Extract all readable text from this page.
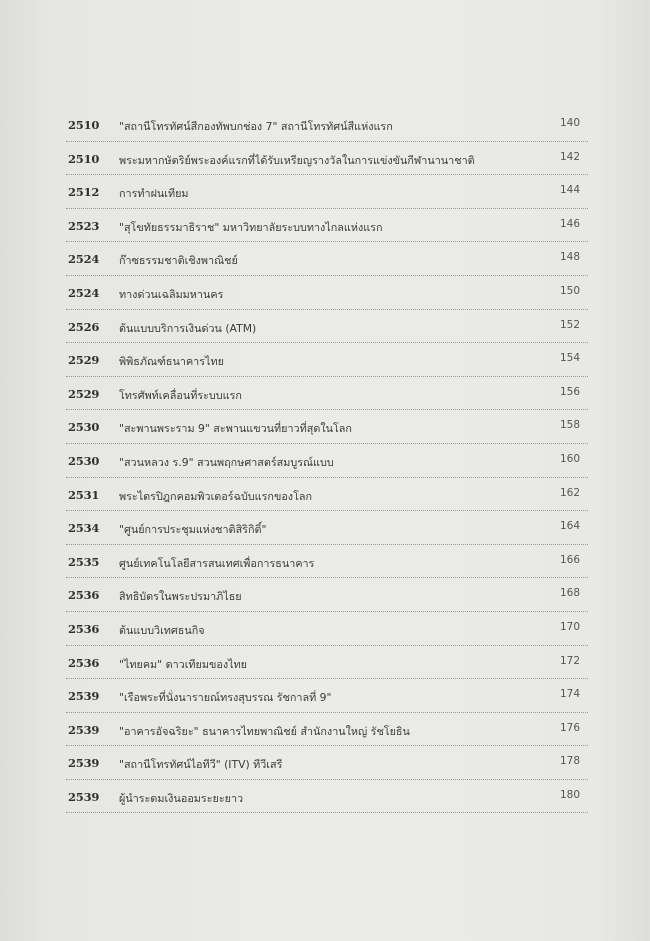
2510 "สถานีโทรทัศน์สีกองทัพบกช่อง 7" สถานีโทรทัศน์สีแห่งแรก	140
2510 พระมหากษัตริย์พระองค์แรกที่ได้รับเหรียญรางวัลในการแข่งขันกีฬานานาชาติ	142
2512 การทำฝนเทียม	144
2523 "สุโขทัยธรรมาธิราช" มหาวิทยาลัยระบบทางไกลแห่งแรก	146
2524 ก๊าซธรรมชาติเชิงพาณิชย์	148
2524 ทางด่วนเฉลิมมหานคร	150
2526 ต้นแบบบริการเงินด่วน (ATM)	152
2529 พิพิธภัณฑ์ธนาคารไทย	154
2529 โทรศัพท์เคลื่อนที่ระบบแรก	156
2530 "สะพานพระราม 9" สะพานแขวนที่ยาวที่สุดในโลก	158
2530 "สวนหลวง ร.9" สวนพฤกษศาสตร์สมบูรณ์แบบ	160
2531 พระไตรปิฎกคอมพิวเตอร์ฉบับแรกของโลก	162
2534 "ศูนย์การประชุมแห่งชาติสิริกิติ์"	164
2535 ศูนย์เทคโนโลยีสารสนเทศเพื่อการธนาคาร	166
2536 สิทธิบัตรในพระปรมาภิไธย	168
2536 ต้นแบบวิเทศธนกิจ	170
2536 "ไทยคม" ดาวเทียมของไทย	172
2539 "เรือพระที่นั่งนารายณ์ทรงสุบรรณ รัชกาลที่ 9"	174
2539 "อาคารอัจฉริยะ" ธนาคารไทยพาณิชย์ สำนักงานใหญ่ รัชโยธิน	176
2539 "สถานีโทรทัศน์ไอทีวี" (ITV) ทีวีเสรี	178
2539 ผู้นำระดมเงินออมระยะยาว	180
